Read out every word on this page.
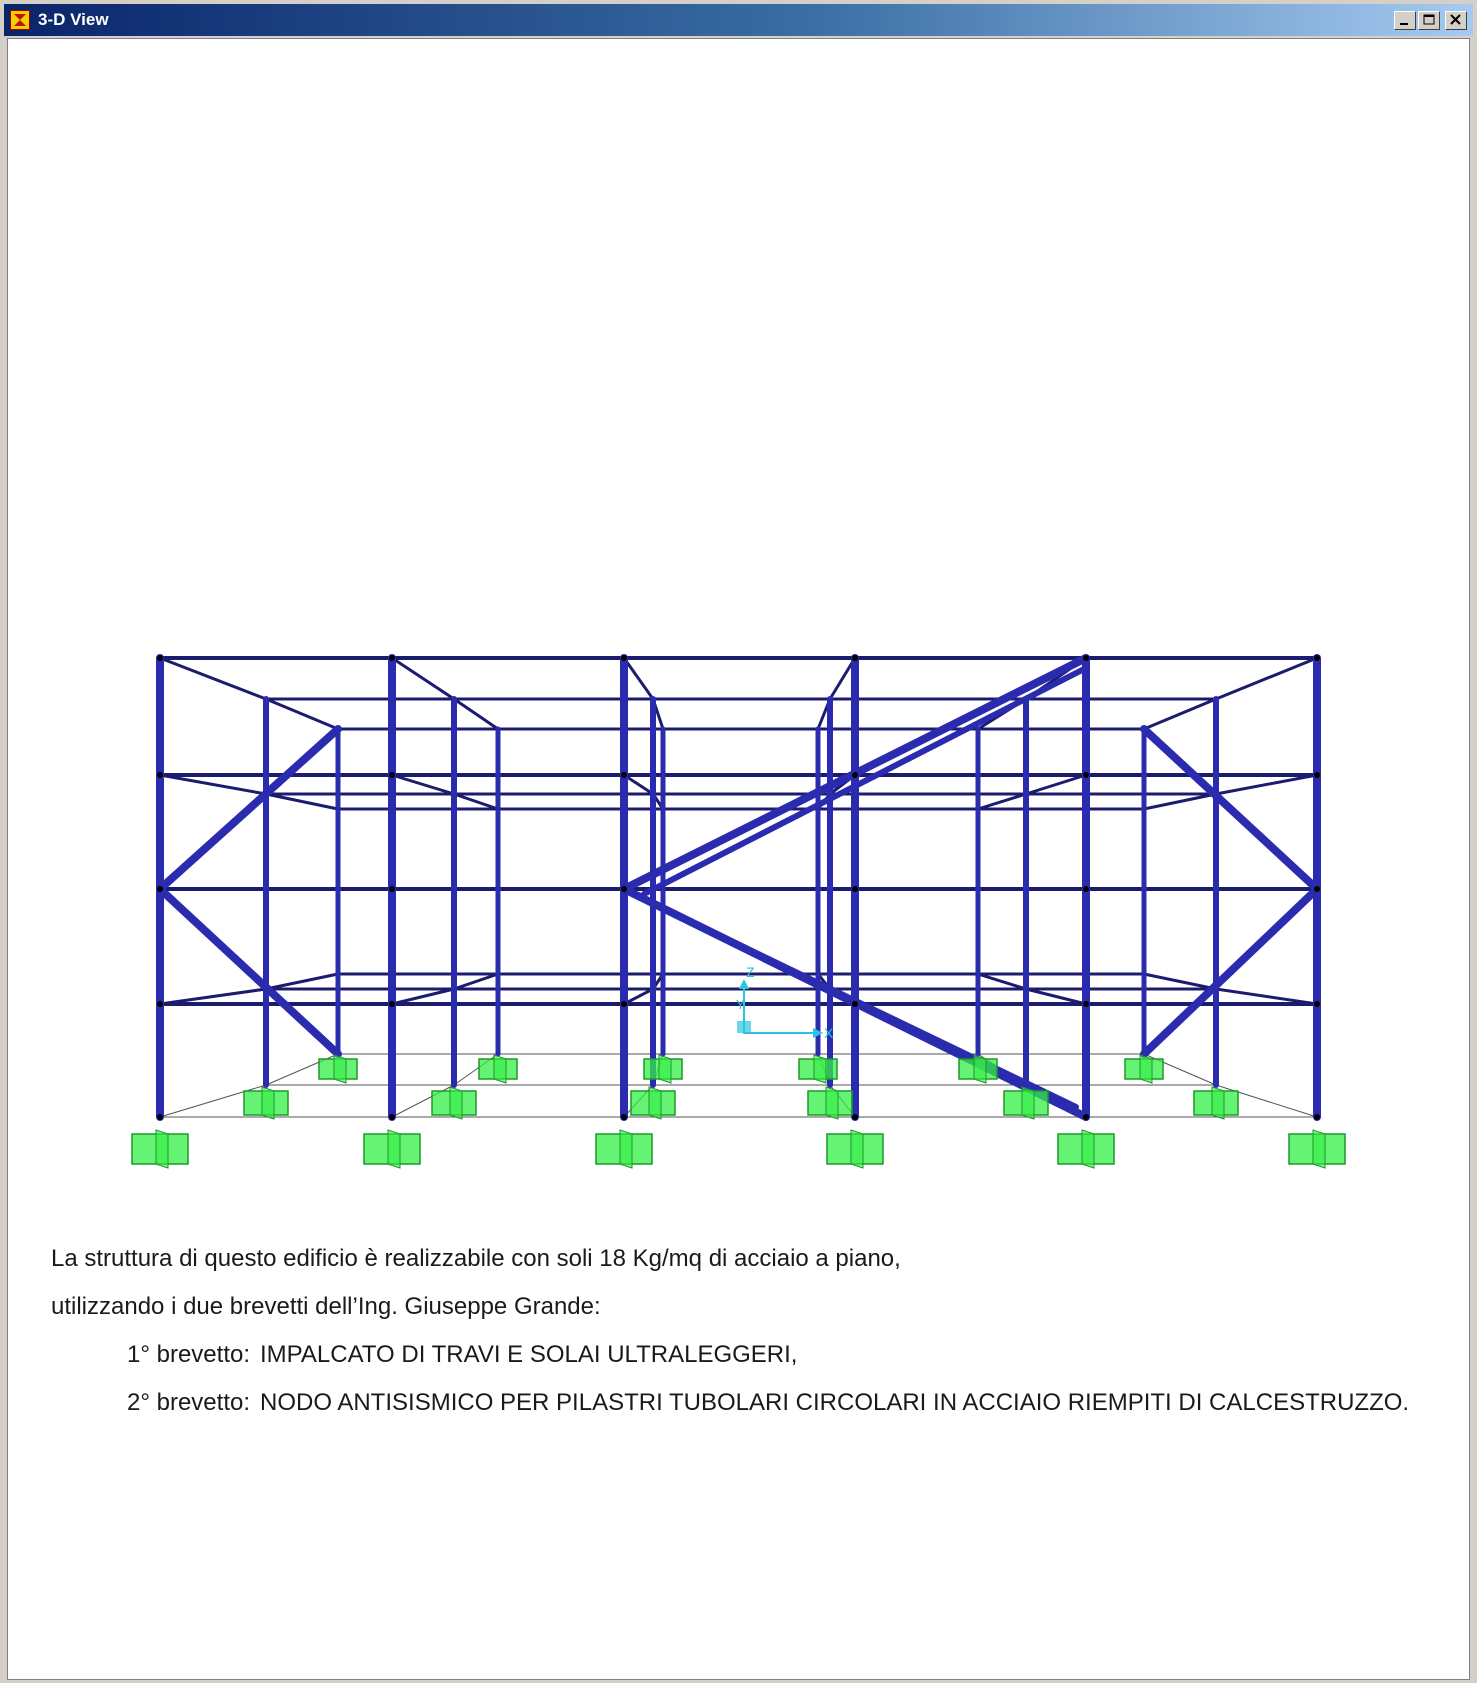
3-D View
Z
X
Y
La struttura di questo edificio è realizzabile con soli 18 Kg/mq di acciaio a piano,
utilizzando i due brevetti dell’Ing. Giuseppe Grande:
1° brevetto: IMPALCATO DI TRAVI E SOLAI ULTRALEGGERI,
2° brevetto: NODO ANTISISMICO PER PILASTRI TUBOLARI CIRCOLARI IN ACCIAIO RIEMPITI DI CALCESTRUZZO.
